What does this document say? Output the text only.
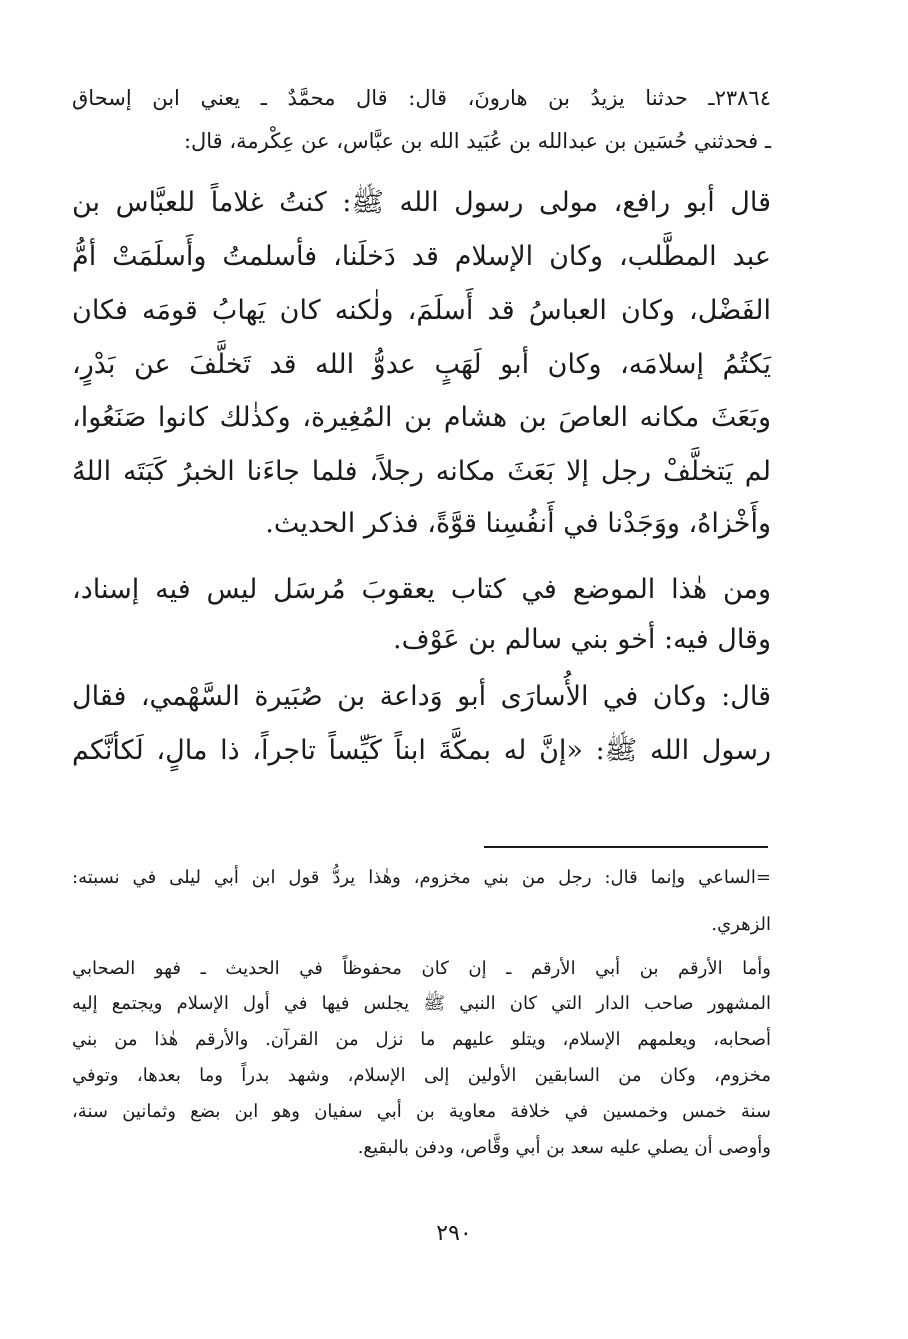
٢٣٨٦٤ـ حدثنا يزيدُ بن هارونَ، قال: قال محمَّدٌ ـ يعني ابن إسحاق
ـ فحدثني حُسَين بن عبدالله بن عُبَيد الله بن عبَّاس، عن عِكْرمة، قال:
قال أبو رافع، مولى رسول الله ﷺ: كنتُ غلاماً للعبَّاس بن
عبد المطَّلب، وكان الإسلام قد دَخلَنا، فأسلمتُ وأَسلَمَتْ أمُّ
الفَضْل، وكان العباسُ قد أَسلَمَ، ولٰكنه كان يَهابُ قومَه فكان
يَكتُمُ إسلامَه، وكان أبو لَهَبٍ عدوُّ الله قد تَخلَّفَ عن بَدْرٍ،
وبَعَثَ مكانه العاصَ بن هشام بن المُغِيرة، وكذٰلك كانوا صَنَعُوا،
لم يَتخلَّفْ رجل إلا بَعَثَ مكانه رجلاً، فلما جاءَنا الخبرُ كَبَتَه اللهُ
وأَخْزاهُ، ووَجَدْنا في أَنفُسِنا قوَّةً، فذكر الحديث.
ومن هٰذا الموضع في كتاب يعقوبَ مُرسَل ليس فيه إسناد،
وقال فيه: أخو بني سالم بن عَوْف.
قال: وكان في الأُسارَى أبو وَداعة بن صُبَيرة السَّهْمي، فقال
رسول الله ﷺ: «إنَّ له بمكَّةَ ابناً كَيِّساً تاجراً، ذا مالٍ، لَكأنَّكم
=الساعي وإنما قال: رجل من بني مخزوم، وهٰذا يردُّ قول ابن أبي ليلى في نسبته:
الزهري.
وأما الأرقم بن أبي الأرقم ـ إن كان محفوظاً في الحديث ـ فهو الصحابي
المشهور صاحب الدار التي كان النبي ﷺ يجلس فيها في أول الإسلام ويجتمع إليه
أصحابه، ويعلمهم الإسلام، ويتلو عليهم ما نزل من القرآن. والأرقم هٰذا من بني
مخزوم، وكان من السابقين الأولين إلى الإسلام، وشهد بدراً وما بعدها، وتوفي
سنة خمس وخمسين في خلافة معاوية بن أبي سفيان وهو ابن بضع وثمانين سنة،
وأوصى أن يصلي عليه سعد بن أبي وقَّاص، ودفن بالبقيع.
٢٩٠
